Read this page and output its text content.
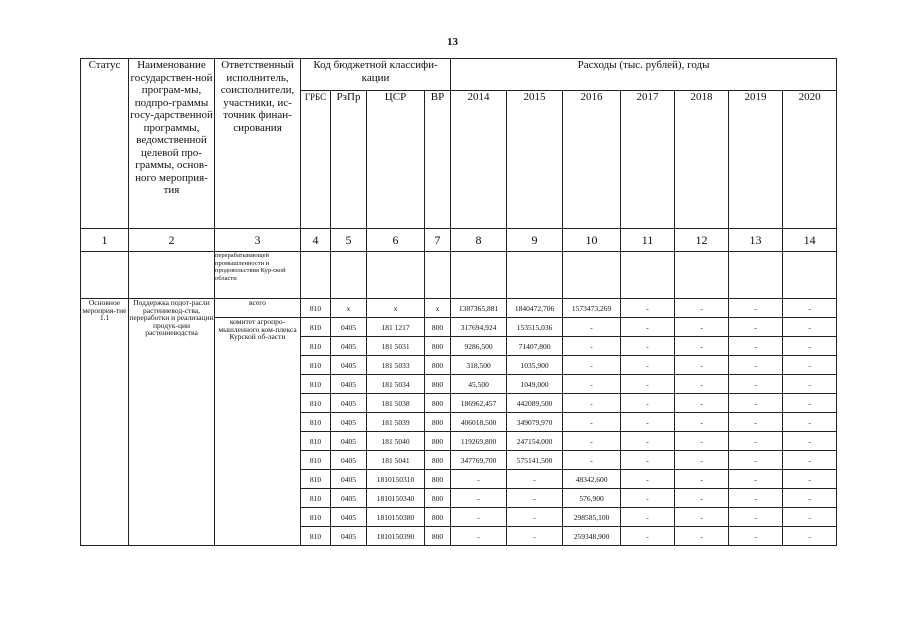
13
Статус	Наименование государствен-ной програм-мы, подпро-граммы госу-дарственной программы, ведомственной целевой про-граммы, основ-ного мероприя-тия	Ответственный исполнитель, соисполнители, участники, ис-точник финан-сирования	Код бюджетной классифи-кации				Расходы (тыс. рублей), годы						
			ГРБС	РзПр	ЦСР	ВР	2014	2015	2016	2017	2018	2019	2020
1	2	3	4	5	6	7	8	9	10	11	12	13	14
		перерабатывающей промышленности и продовольствия Кур-ской области											
Основное мероприя-тие 1.1	Поддержка подот-расли растениевод-ства, переработки и реализации продук-ции растениеводства	всего	810	х	х	х	1387365,881	1840472,706	1573473,269	-	-	-	-
		комитет агропро-мышленного ком-плекса Курской об-ласти	810	0405	181 1217	800	317694,924	153515,036	-	-	-	-	-
			810	0405	181 5031	800	9286,500	71407,800	-	-	-	-	-
			810	0405	181 5033	800	318,500	1035,900	-	-	-	-	-
			810	0405	181 5034	800	45,500	1049,000	-	-	-	-	-
			810	0405	181 5038	800	186962,457	442089,500	-	-	-	-	-
			810	0405	181 5039	800	406018,500	349079,970	-	-	-	-	-
			810	0405	181 5040	800	119269,800	247154,000	-	-	-	-	-
			810	0405	181 5041	800	347769,700	575141,500	-	-	-	-	-
			810	0405	1810150310	800	-	-	48342,600	-	-	-	-
			810	0405	1810150340	800	-	-	576,900	-	-	-	-
			810	0405	1810150380	800	-	-	298585,100	-	-	-	-
			810	0405	1810150390	800	-	-	259348,900	-	-	-	-
